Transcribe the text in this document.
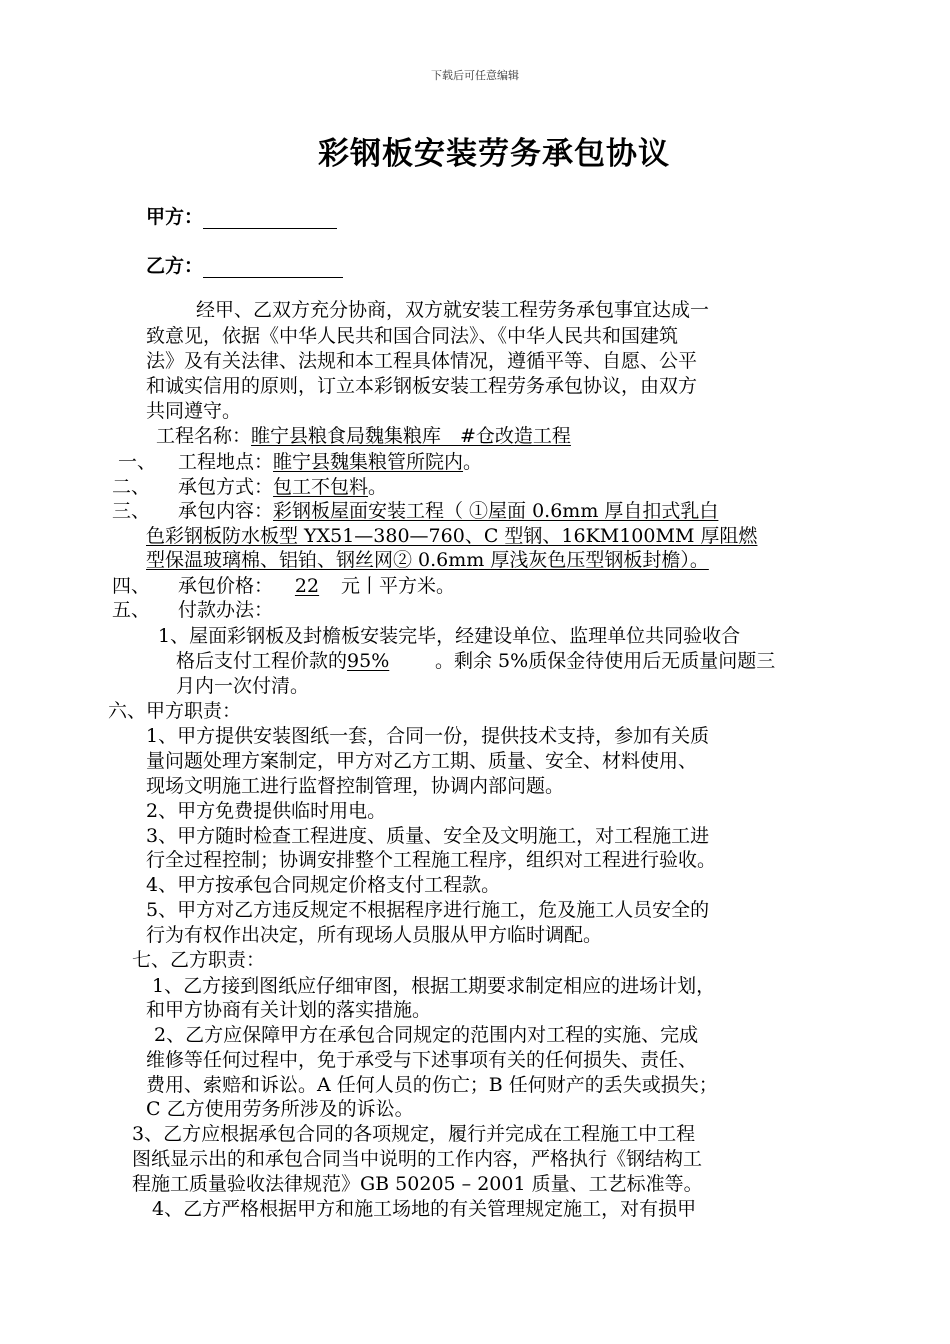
下载后可任意编辑
彩钢板安装劳务承包协议
甲方：
乙方：
经甲、乙双方充分协商，双方就安装工程劳务承包事宜达成一
致意见，依据《中华人民共和国合同法》、《中华人民共和国建筑
法》及有关法律、法规和本工程具体情况，遵循平等、自愿、公平
和诚实信用的原则，订立本彩钢板安装工程劳务承包协议，由双方
共同遵守。
工程名称：睢宁县粮食局魏集粮库　#仓改造工程
一、 工程地点：睢宁县魏集粮管所院内。
二、 承包方式：包工不包料。
三、 承包内容：彩钢板屋面安装工程（ ①屋面 0.6mm 厚自扣式乳白
色彩钢板防水板型 YX51—380—760、C 型钢、16KM100MM 厚阻燃
型保温玻璃棉、铝铂、钢丝网② 0.6mm 厚浅灰色压型钢板封檐）。
四、 承包价格： 22 元丨平方米。
五、 付款办法：
1、屋面彩钢板及封檐板安装完毕，经建设单位、监理单位共同验收合
格后支付工程价款的95% 。剩余 5%质保金待使用后无质量问题三
月内一次付清。
六、甲方职责：
1、甲方提供安装图纸一套，合同一份，提供技术支持，参加有关质
量问题处理方案制定，甲方对乙方工期、质量、安全、材料使用、
现场文明施工进行监督控制管理，协调内部问题。
2、甲方免费提供临时用电。
3、甲方随时检查工程进度、质量、安全及文明施工，对工程施工进
行全过程控制；协调安排整个工程施工程序，组织对工程进行验收。
4、甲方按承包合同规定价格支付工程款。
5、甲方对乙方违反规定不根据程序进行施工，危及施工人员安全的
行为有权作出决定，所有现场人员服从甲方临时调配。
七、乙方职责：
1、乙方接到图纸应仔细审图，根据工期要求制定相应的进场计划，
和甲方协商有关计划的落实措施。
2、乙方应保障甲方在承包合同规定的范围内对工程的实施、完成
维修等任何过程中，免于承受与下述事项有关的任何损失、责任、
费用、索赔和诉讼。A 任何人员的伤亡；B 任何财产的丢失或损失；
C 乙方使用劳务所涉及的诉讼。
3、乙方应根据承包合同的各项规定，履行并完成在工程施工中工程
图纸显示出的和承包合同当中说明的工作内容，严格执行《钢结构工
程施工质量验收法律规范》GB 50205 – 2001 质量、工艺标准等。
4、乙方严格根据甲方和施工场地的有关管理规定施工，对有损甲
